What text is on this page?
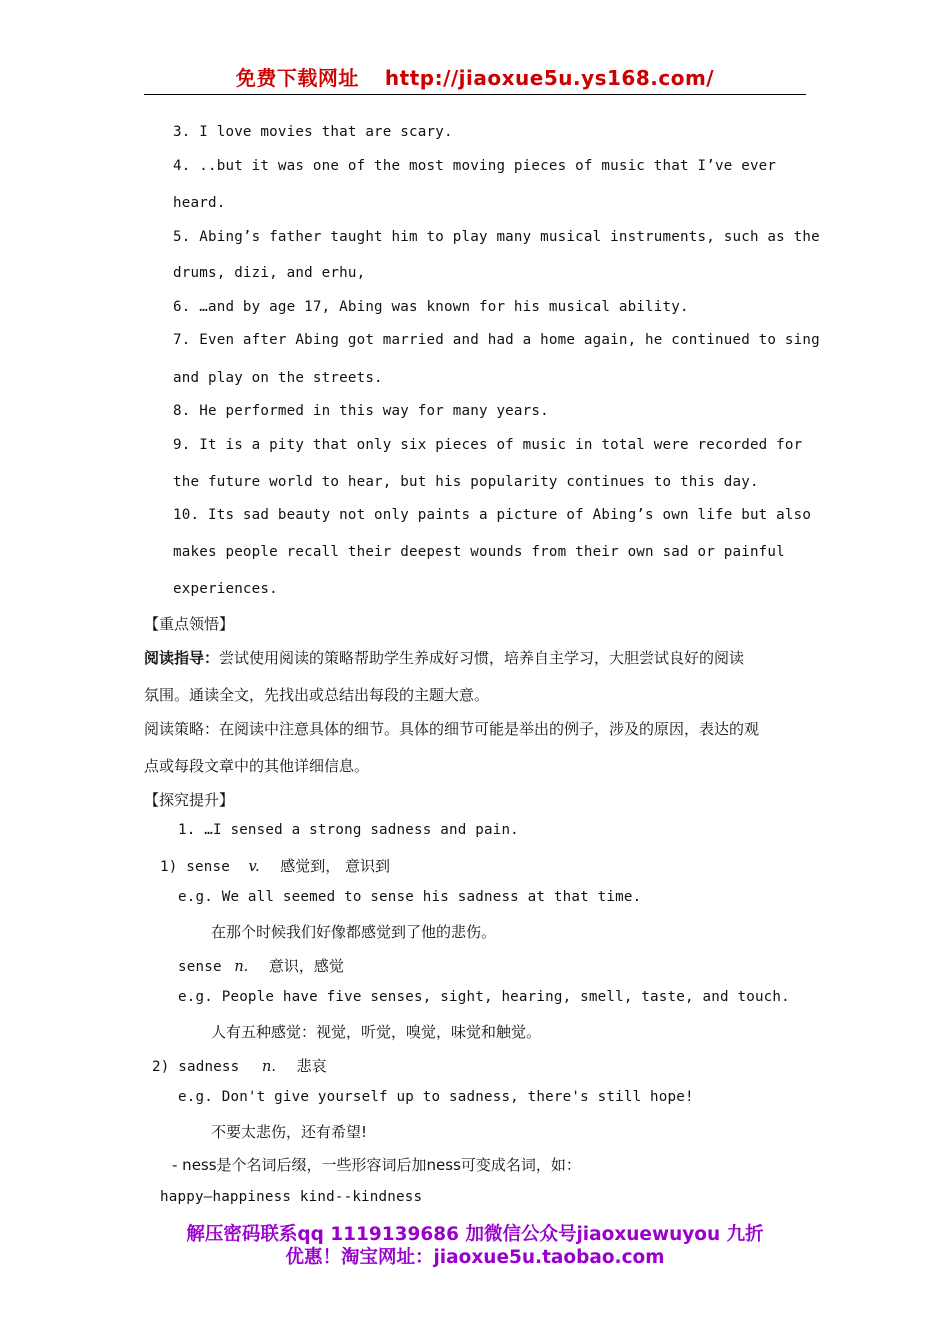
免费下载网址 http://jiaoxue5u.ys168.com/
3. I love movies that are scary.
4. ..but it was one of the most moving pieces of music that I’ve ever
heard.
5. Abing’s father taught him to play many musical instruments, such as the
drums, dizi, and erhu,
6. …and by age 17, Abing was known for his musical ability.
7. Even after Abing got married and had a home again, he continued to sing
and play on the streets.
8. He performed in this way for many years.
9. It is a pity that only six pieces of music in total were recorded for
the future world to hear, but his popularity continues to this day.
10. Its sad beauty not only paints a picture of Abing’s own life but also
makes people recall their deepest wounds from their own sad or painful
experiences.
【重点领悟】
阅读指导：尝试使用阅读的策略帮助学生养成好习惯，培养自主学习，大胆尝试良好的阅读
氛围。通读全文，先找出或总结出每段的主题大意。
阅读策略：在阅读中注意具体的细节。具体的细节可能是举出的例子，涉及的原因，表达的观
点或每段文章中的其他详细信息。
【探究提升】
1. …I sensed a strong sadness and pain.
1) sense v. 感觉到， 意识到
e.g. We all seemed to sense his sadness at that time.
在那个时候我们好像都感觉到了他的悲伤。
sense n. 意识，感觉
e.g. People have five senses, sight, hearing, smell, taste, and touch.
人有五种感觉：视觉，听觉，嗅觉，味觉和触觉。
2) sadness n. 悲哀
e.g. Don't give yourself up to sadness, there's still hope!
不要太悲伤，还有希望!
- ness是个名词后缀，一些形容词后加ness可变成名词，如：
happy—happiness kind--kindness
解压密码联系qq 1119139686 加微信公众号jiaoxuewuyou 九折
优惠！淘宝网址：jiaoxue5u.taobao.com
